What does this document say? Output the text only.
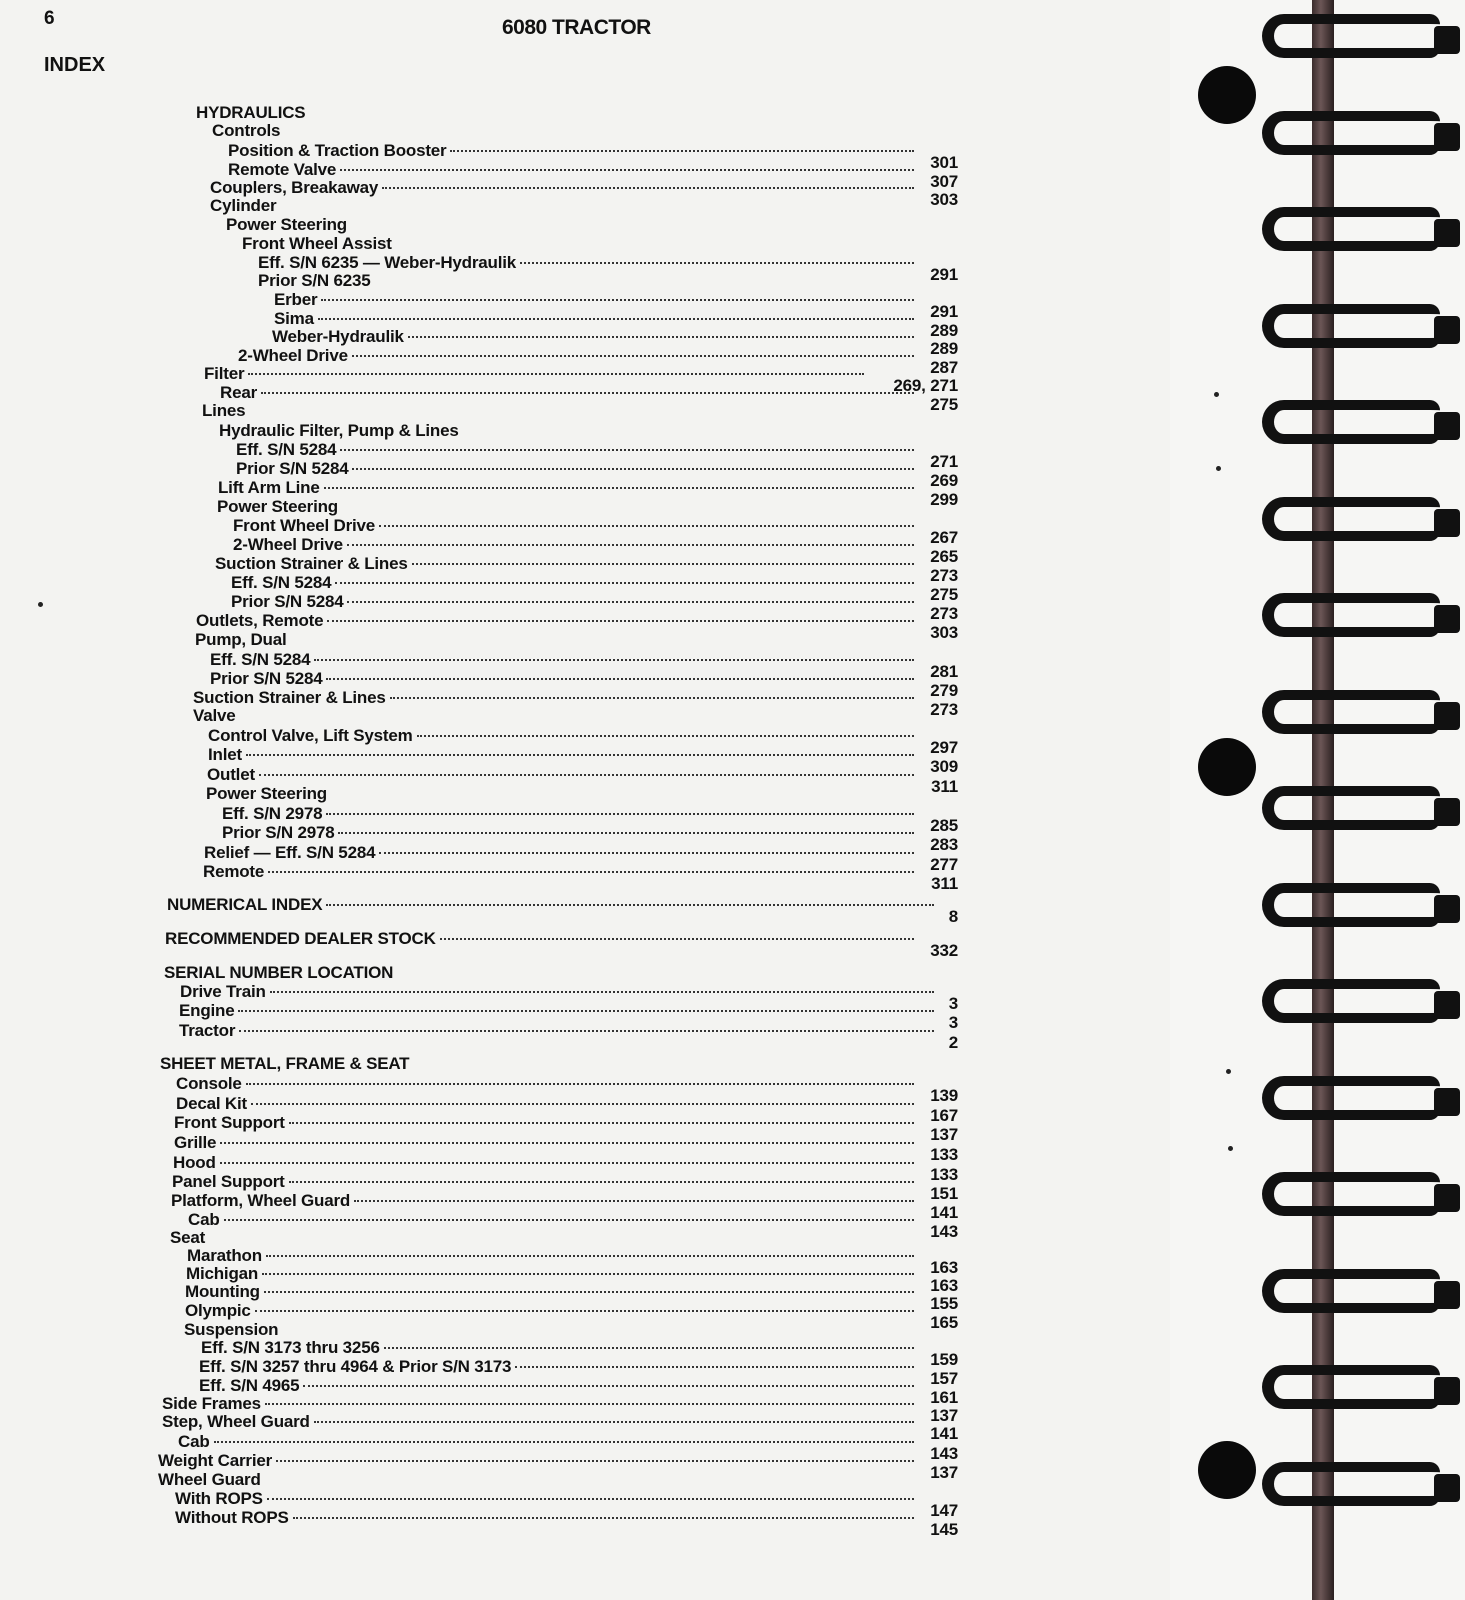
6	6080 TRACTOR
INDEX
HYDRAULICS
Controls
Position & Traction Booster
301
Remote Valve
307
Couplers, Breakaway
303
Cylinder
Power Steering
Front Wheel Assist
Eff. S/N 6235 — Weber-Hydraulik
291
Prior S/N 6235
Erber
291
Sima
289
Weber-Hydraulik
289
2-Wheel Drive
287
Filter
269, 271
Rear
275
Lines
Hydraulic Filter, Pump & Lines
Eff. S/N 5284
271
Prior S/N 5284
269
Lift Arm Line
299
Power Steering
Front Wheel Drive
267
2-Wheel Drive
265
Suction Strainer & Lines
273
Eff. S/N 5284
275
Prior S/N 5284
273
Outlets, Remote
303
Pump, Dual
Eff. S/N 5284
281
Prior S/N 5284
279
Suction Strainer & Lines
273
Valve
Control Valve, Lift System
297
Inlet
309
Outlet
311
Power Steering
Eff. S/N 2978
285
Prior S/N 2978
283
Relief — Eff. S/N 5284
277
Remote
311
NUMERICAL INDEX
8
RECOMMENDED DEALER STOCK
332
SERIAL NUMBER LOCATION
Drive Train
3
Engine
3
Tractor
2
SHEET METAL, FRAME & SEAT
Console
139
Decal Kit
167
Front Support
137
Grille
133
Hood
133
Panel Support
151
Platform, Wheel Guard
141
Cab
143
Seat
Marathon
163
Michigan
163
Mounting
155
Olympic
165
Suspension
Eff. S/N 3173 thru 3256
159
Eff. S/N 3257 thru 4964 & Prior S/N 3173
157
Eff. S/N 4965
161
Side Frames
137
Step, Wheel Guard
141
Cab
143
Weight Carrier
137
Wheel Guard
With ROPS
147
Without ROPS
145
